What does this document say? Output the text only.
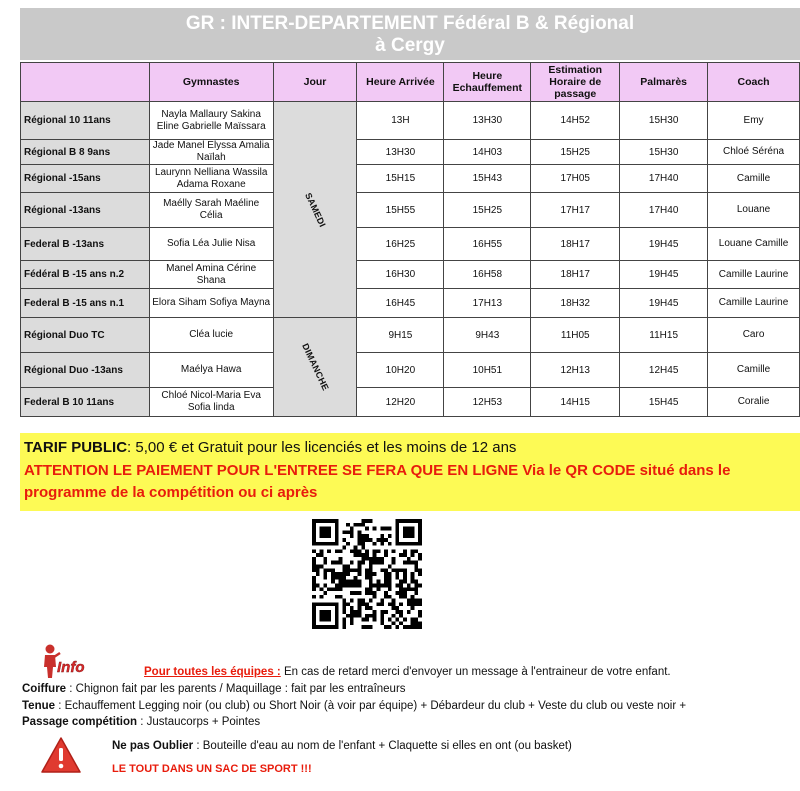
GR : INTER-DEPARTEMENT Fédéral B & Régional
à Cergy
	Gymnastes	Jour	Heure Arrivée	Heure Echauffement	Estimation Horaire de passage	Palmarès	Coach
Régional 10 11ans	Nayla Mallaury Sakina Eline Gabrielle Maïssara	SAMEDI	13H	13H30	14H52	15H30	Emy
Régional B 8 9ans	Jade Manel Elyssa Amalia Naïlah		13H30	14H03	15H25	15H30	Chloé Séréna
Régional -15ans	Laurynn Nelliana Wassila Adama Roxane		15H15	15H43	17H05	17H40	Camille
Régional -13ans	Maélly Sarah Maéline Célia		15H55	15H25	17H17	17H40	Louane
Federal B -13ans	Sofia Léa Julie Nisa		16H25	16H55	18H17	19H45	Louane Camille
Fédéral B -15 ans n.2	Manel Amina Cérine Shana		16H30	16H58	18H17	19H45	Camille Laurine
Federal B -15 ans n.1	Elora Siham Sofiya Mayna		16H45	17H13	18H32	19H45	Camille Laurine
Régional Duo TC	Cléa lucie	DIMANCHE	9H15	9H43	11H05	11H15	Caro
Régional Duo -13ans	Maélya Hawa		10H20	10H51	12H13	12H45	Camille
Federal B 10 11ans	Chloé Nicol-Maria Eva Sofia linda		12H20	12H53	14H15	15H45	Coralie
TARIF PUBLIC: 5,00 € et Gratuit pour les licenciés et les moins de 12 ans
ATTENTION LE PAIEMENT POUR L'ENTREE SE FERA QUE EN LIGNE Via le QR CODE situé dans le programme de la compétition ou ci après
Info	Pour toutes les équipes : En cas de retard merci d'envoyer un message à l'entraineur de votre enfant.
Coiffure : Chignon fait par les parents / Maquillage : fait par les entraîneurs
Tenue : Echauffement Legging noir (ou club) ou Short Noir (à voir par équipe) + Débardeur du club + Veste du club ou veste noir +
Passage compétition : Justaucorps + Pointes
Ne pas Oublier : Bouteille d'eau au nom de l'enfant + Claquette si elles en ont (ou basket)
LE TOUT DANS UN SAC DE SPORT !!!
